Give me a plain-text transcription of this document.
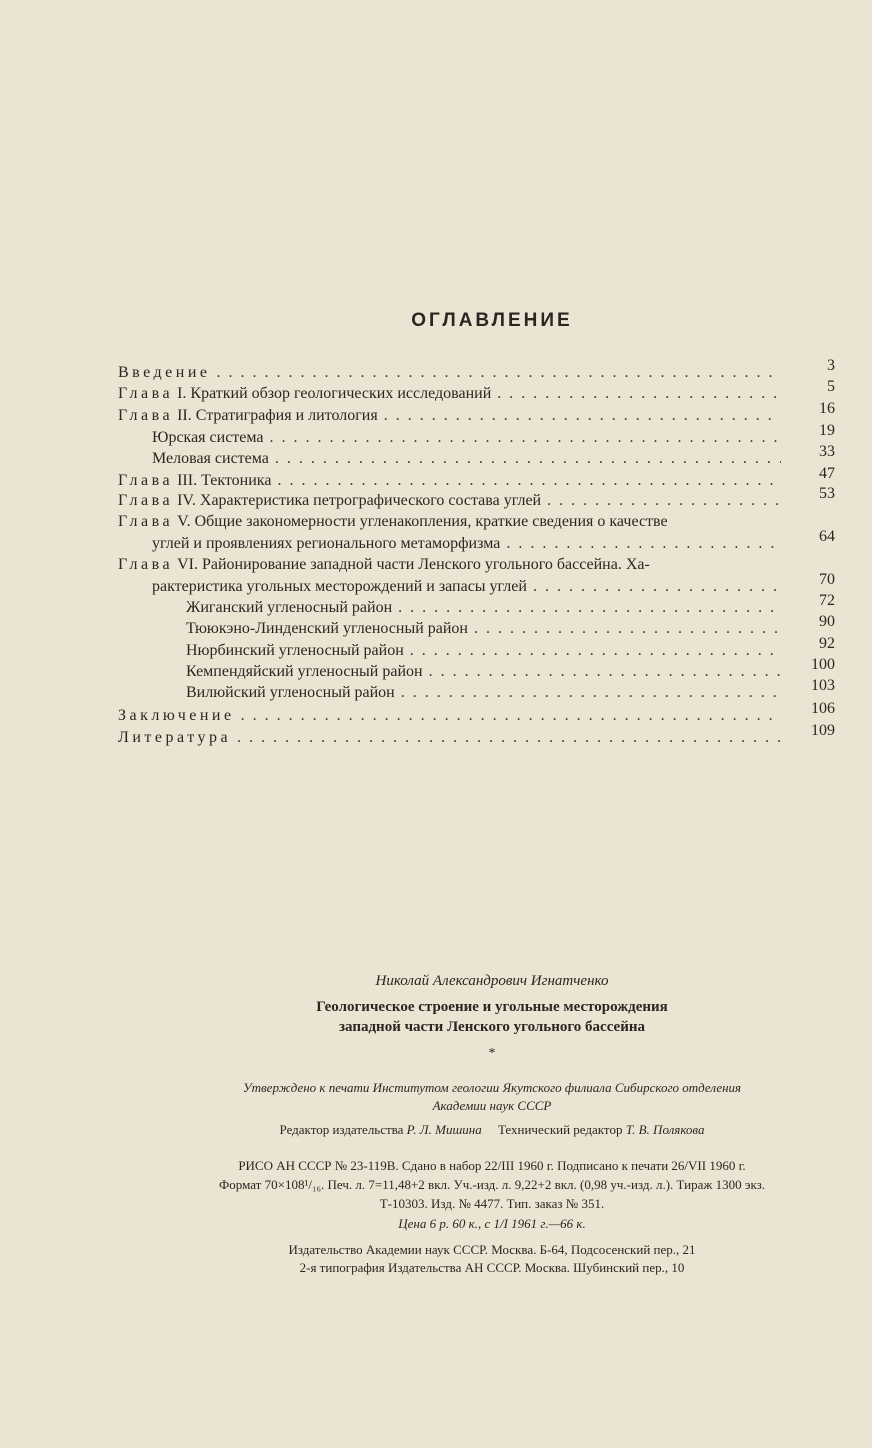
ОГЛАВЛЕНИЕ
Введение . . .	3
Глава I. Краткий обзор геологических исследований . . .	5
Глава II. Стратиграфия и литология . . .	16
Юрская система . . .	19
Меловая система . . .	33
Глава III. Тектоника . . .	47
Глава IV. Характеристика петрографического состава углей . . .	53
Глава V. Общие закономерности угленакопления, краткие сведения о качестве
углей и проявлениях регионального метаморфизма . . .	64
Глава VI. Районирование западной части Ленского угольного бассейна. Ха-
рактеристика угольных месторождений и запасы углей . . .	70
Жиганский угленосный район . . .	72
Тююкэно-Линденский угленосный район . . .	90
Нюрбинский угленосный район . . .	92
Кемпендяйский угленосный район . . .	100
Вилюйский угленосный район . . .	103
Заключение . . .	106
Литература . . .	109
Николай Александрович Игнатченко
Геологическое строение и угольные месторождения
западной части Ленского угольного бассейна
*
Утверждено к печати Институтом геологии Якутского филиала Сибирского отделения
Академии наук СССР
Редактор издательства Р. Л. Мишина Технический редактор Т. В. Полякова
РИСО АН СССР № 23-119В. Сдано в набор 22/III 1960 г. Подписано к печати 26/VII 1960 г.
Формат 70×108¹/₁₆. Печ. л. 7=11,48+2 вкл. Уч.-изд. л. 9,22+2 вкл. (0,98 уч.-изд. л.). Тираж 1300 экз.
Т-10303. Изд. № 4477. Тип. заказ № 351.
Цена 6 р. 60 к., с 1/I 1961 г.—66 к.
Издательство Академии наук СССР. Москва. Б-64, Подсосенский пер., 21
2-я типография Издательства АН СССР. Москва. Шубинский пер., 10
